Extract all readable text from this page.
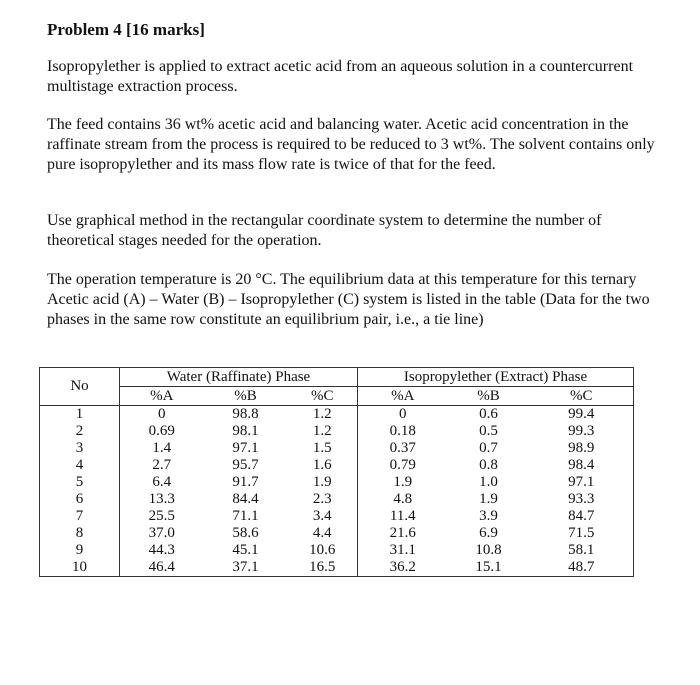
Problem 4 [16 marks]

Isopropylether is applied to extract acetic acid from an aqueous solution in a countercurrent multistage extraction process.

The feed contains 36 wt% acetic acid and balancing water. Acetic acid concentration in the raffinate stream from the process is required to be reduced to 3 wt%. The solvent contains only pure isopropylether and its mass flow rate is twice of that for the feed.

Use graphical method in the rectangular coordinate system to determine the number of theoretical stages needed for the operation.

The operation temperature is 20 °C. The equilibrium data at this temperature for this ternary Acetic acid (A) – Water (B) – Isopropylether (C) system is listed in the table (Data for the two phases in the same row constitute an equilibrium pair, i.e., a tie line)

No	Water (Raffinate) Phase			Isopropylether (Extract) Phase		
	%A	%B	%C	%A	%B	%C
1	0	98.8	1.2	0	0.6	99.4
2	0.69	98.1	1.2	0.18	0.5	99.3
3	1.4	97.1	1.5	0.37	0.7	98.9
4	2.7	95.7	1.6	0.79	0.8	98.4
5	6.4	91.7	1.9	1.9	1.0	97.1
6	13.3	84.4	2.3	4.8	1.9	93.3
7	25.5	71.1	3.4	11.4	3.9	84.7
8	37.0	58.6	4.4	21.6	6.9	71.5
9	44.3	45.1	10.6	31.1	10.8	58.1
10	46.4	37.1	16.5	36.2	15.1	48.7
